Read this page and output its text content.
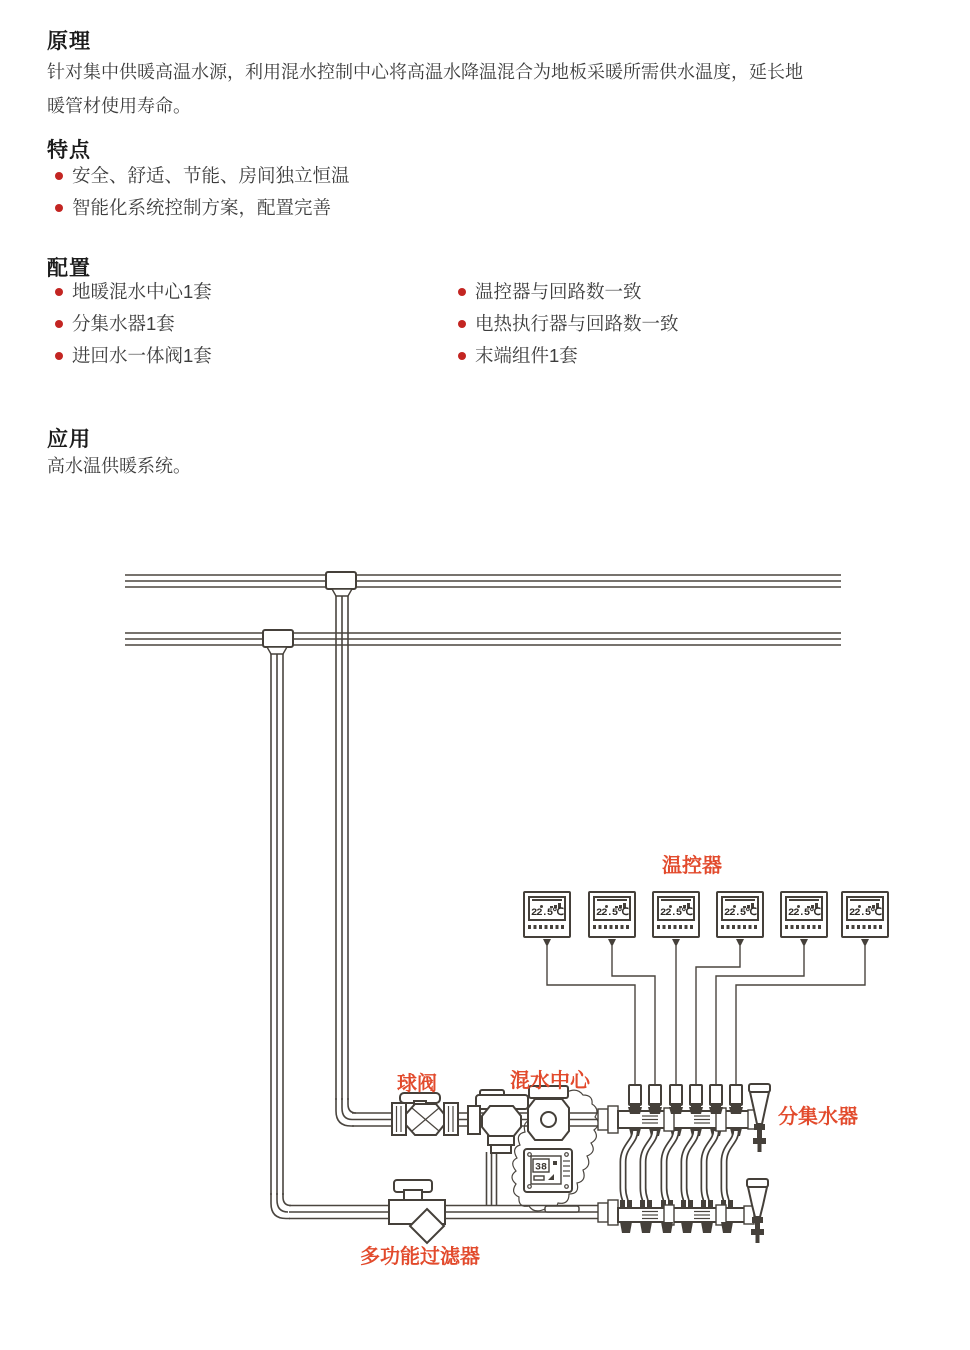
原理
针对集中供暖高温水源，利用混水控制中心将高温水降温混合为地板采暖所需供水温度，延长地暖管材使用寿命。
特点
安全、舒适、节能、房间独立恒温
智能化系统控制方案，配置完善
配置
地暖混水中心1套
分集水器1套
进回水一体阀1套
温控器与回路数一致
电热执行器与回路数一致
末端组件1套
应用
高水温供暖系统。
38
温控器
球阀	混水中心
分集水器
多功能过滤器
22.5℃	22.5℃	22.5℃	22.5℃	22.5℃	22.5℃
